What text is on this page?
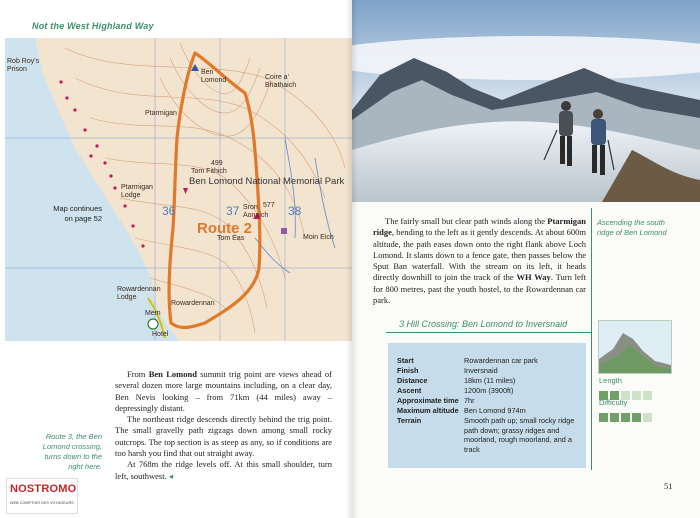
Not the West Highland Way
Rob Roy's
Prison	Ben
Lomond
Ptarmigan
Coire a'
Bhathaich
Ben Lomond National Memorial Park
499
Tom Fithich
Ptarmigan
Lodge
Sron
Aonaich
577
Tom Eas	Moin Eich
Rowardennan
Lodge
Rowardennan
Mem
Hotel
Route 2
36	37	38
Map continues
on page 52
Route 3, the Ben
Lomond crossing,
turns down to the
right here.

From Ben Lomond summit trig point are views ahead of several dozen more large mountains including, on a clear day, Ben Nevis looking – from 71km (44 miles) away – depressingly distant.

The northeast ridge descends directly behind the trig point. The small gravelly path zigzags down among small rocky outcrops. The top section is as steep as any, so if conditions are too harsh you find that out straight away.

At 768m the ridge levels off. At this small shoulder, turn left, southwest. ◂

NOSTROMO
WEB COMPTOIR DES VOYAGEURS
Ascending the south
ridge of Ben Lomond

The fairly small but clear path winds along the Ptarmigan ridge, bending to the left as it gently descends. At about 600m altitude, the path eases down onto the right flank above Loch Lomond. It slants down to a fence gate, then passes below the Sput Ban waterfall. With the stream on its left, it heads directly downhill to join the track of the WH Way. Turn left for 800 metres, past the youth hostel, to the Rowardennan car park.

3 Hill Crossing: Ben Lomond to Inversnaid
Start	Rowardennan car park
Finish	Inversnaid
Distance	18km (11 miles)
Ascent	1200m (3900ft)
Approximate time 7hr
Maximum altitude Ben Lomond 974m
Terrain	Smooth path up; small rocky ridge path down; grassy ridges and moorland, rough moorland, and a track
Length
Difficulty
51
